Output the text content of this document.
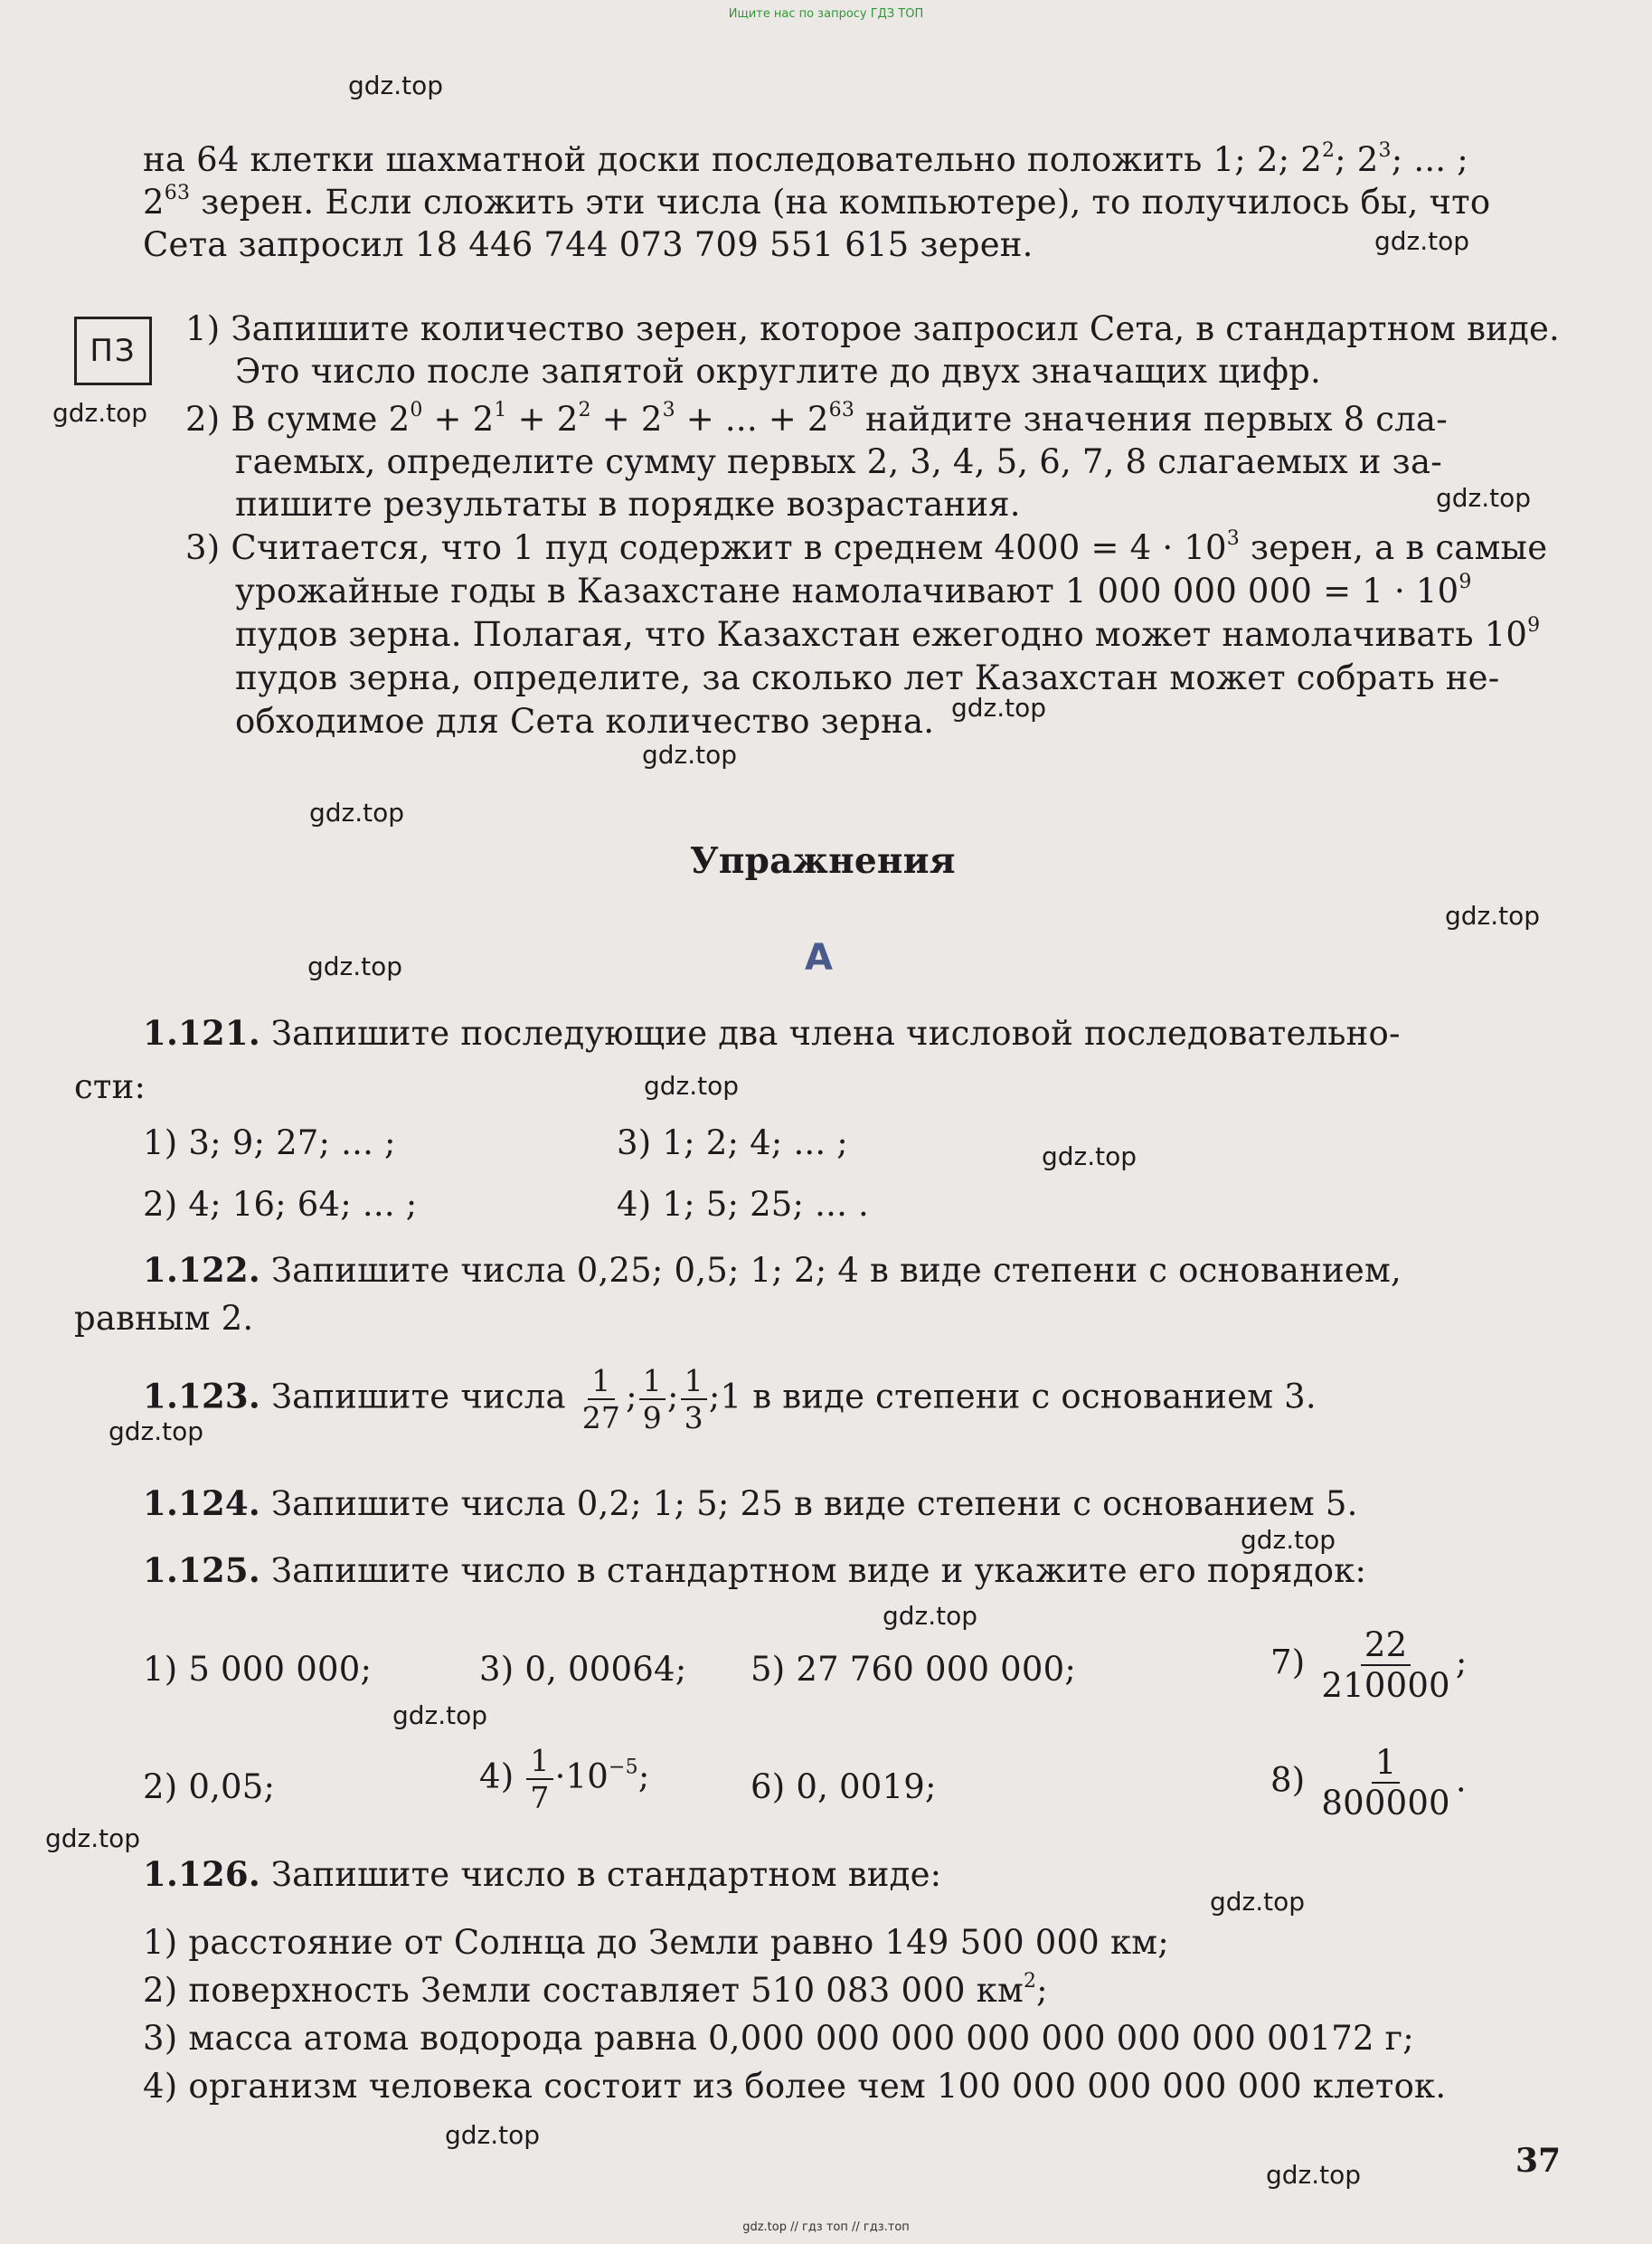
Ищите нас по запросу ГДЗ ТОП
на 64 клетки шахматной доски последовательно положить 1; 2; $2^2$; $2^3$; ... ;
$2^{63}$ зерен. Если сложить эти числа (на компьютере), то получилось бы, что
Сета запросил 18 446 744 073 709 551 615 зерен.
ПЗ
1) Запишите количество зерен, которое запросил Сета, в стандартном виде.
Это число после запятой округлите до двух значащих цифр.
2) В сумме $2^0 + 2^1 + 2^2 + 2^3$ + ... + $2^{63}$ найдите значения первых 8 сла-
гаемых, определите сумму первых 2, 3, 4, 5, 6, 7, 8 слагаемых и за-
пишите результаты в порядке возрастания.
3) Считается, что 1 пуд содержит в среднем $4000 = 4 \cdot 10^3$ зерен, а в самые
урожайные годы в Казахстане намолачивают 1 000 000 $000 = 1 \cdot 10^9$
пудов зерна. Полагая, что Казахстан ежегодно может намолачивать $10^9$
пудов зерна, определите, за сколько лет Казахстан может собрать не-
обходимое для Сета количество зерна.
Упражнения
А
1.121. Запишите последующие два члена числовой последовательно-
сти:
1) 3; 9; 27; ... ;	3) 1; 2; 4; ... ;
2) 4; 16; 64; ... ;	4) 1; 5; 25; ... .
1.122. Запишите числа 0,25; 0,5; 1; 2; 4 в виде степени с основанием,
равным 2.
1.123. Запишите числа $\frac{1}{27}$ ; $\frac{1}{9}$ ; $\frac{1}{3}$ ;1 в виде степени с основанием 3.
1.124. Запишите числа 0,2; 1; 5; 25 в виде степени с основанием 5.
1.125. Запишите число в стандартном виде и укажите его порядок:
1) 5 000 000;	3) 0, 00064; 5) 27 760 000 000;	$7) \frac{22}{210000}$ ;
2) 0,05;	$4) \frac{1}{7} \cdot 10^{-5}$;	6) 0, 0019;	$8) \frac{1}{800000}$ .
1.126. Запишите число в стандартном виде:
1) расстояние от Солнца до Земли равно 149 500 000 км;
2) поверхность Земли составляет 510 083 000 $км^2$;
3) масса атома водорода равна 0,000 000 000 000 000 000 000 00172 г;
4) организм человека состоит из более чем 100 000 000 000 000 клеток.
37
gdz.top
gdz.top
gdz.top
gdz.top
gdz.top
gdz.top
gdz.top
gdz.top
gdz.top
gdz.top
gdz.top
gdz.top
gdz.top
gdz.top
gdz.top
gdz.top
gdz.top
gdz.top
gdz.top
gdz.top // гдз топ // гдз.топ
